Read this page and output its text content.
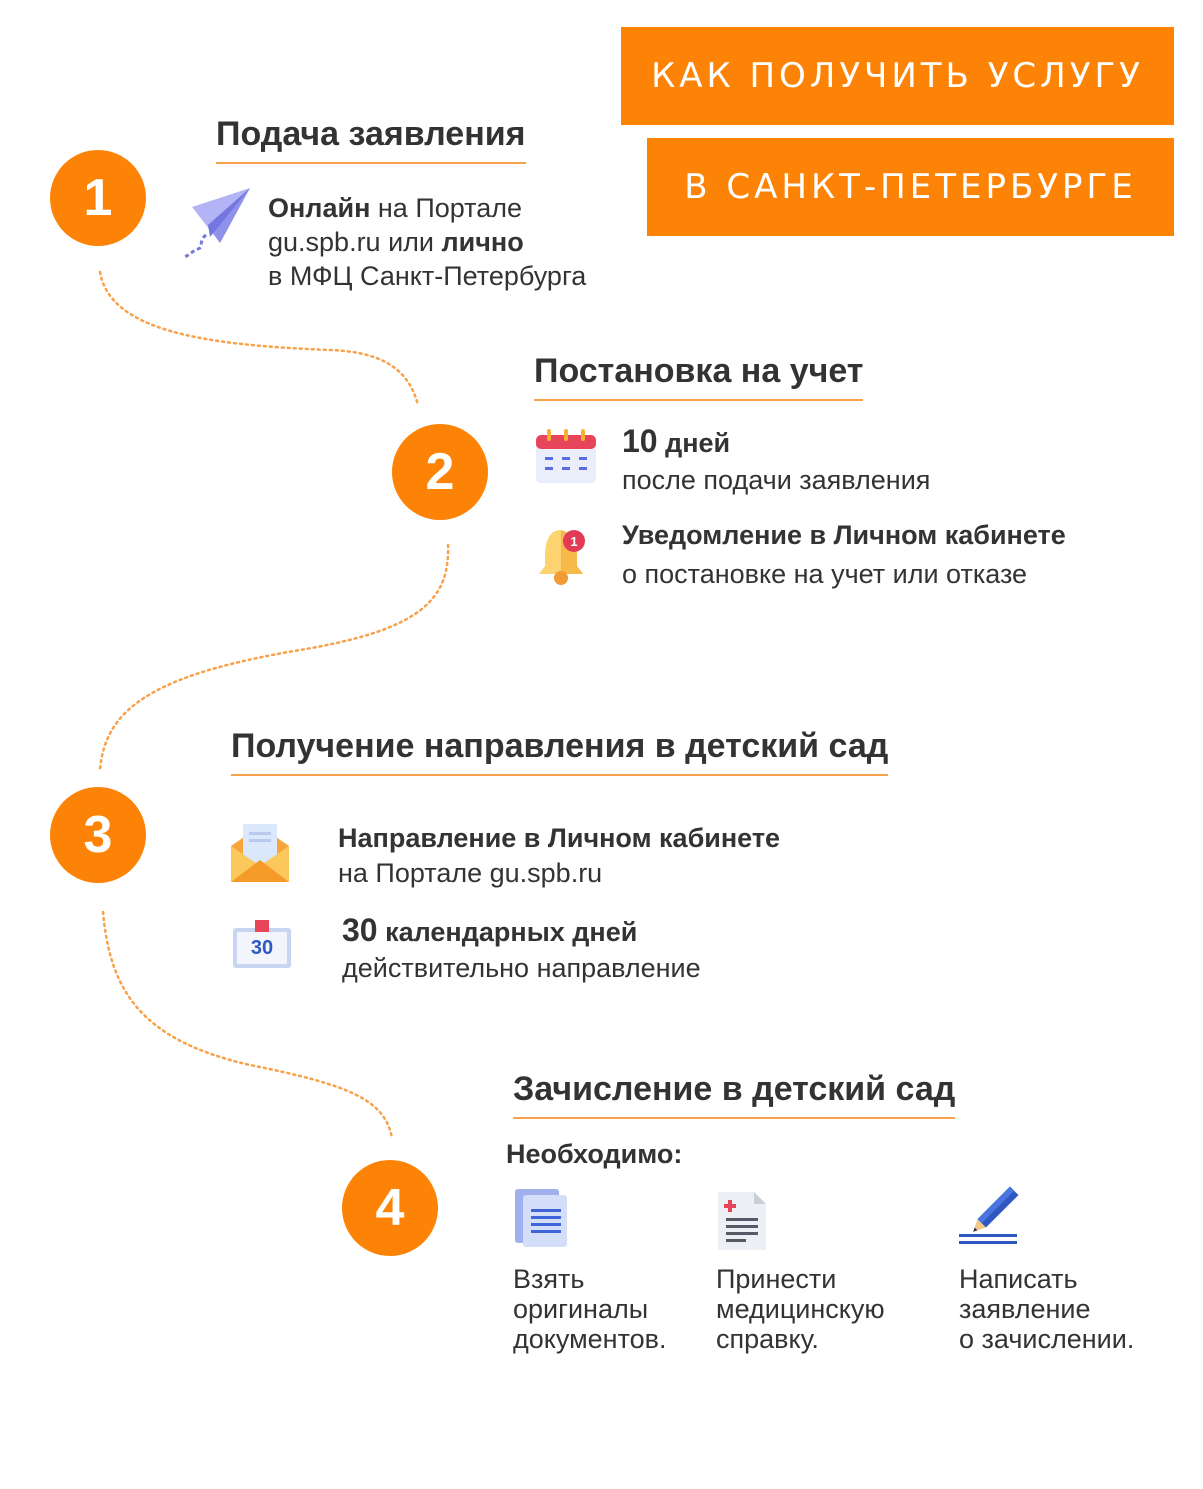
КАК ПОЛУЧИТЬ УСЛУГУ
В САНКТ-ПЕТЕРБУРГЕ
1
Подача заявления
Онлайн на Портале
gu.spb.ru или лично
в МФЦ Санкт-Петербурга
2
Постановка на учет
10 дней
после подачи заявления
1 Уведомление в Личном кабинете
о постановке на учет или отказе
3
Получение направления в детский сад
Направление в Личном кабинете
на Портале gu.spb.ru
30 30 календарных дней
действительно направление
4
Зачисление в детский сад
Необходимо:
Взять
оригиналы
документов.
Принести
медицинскую
справку.
Написать
заявление
о зачислении.
